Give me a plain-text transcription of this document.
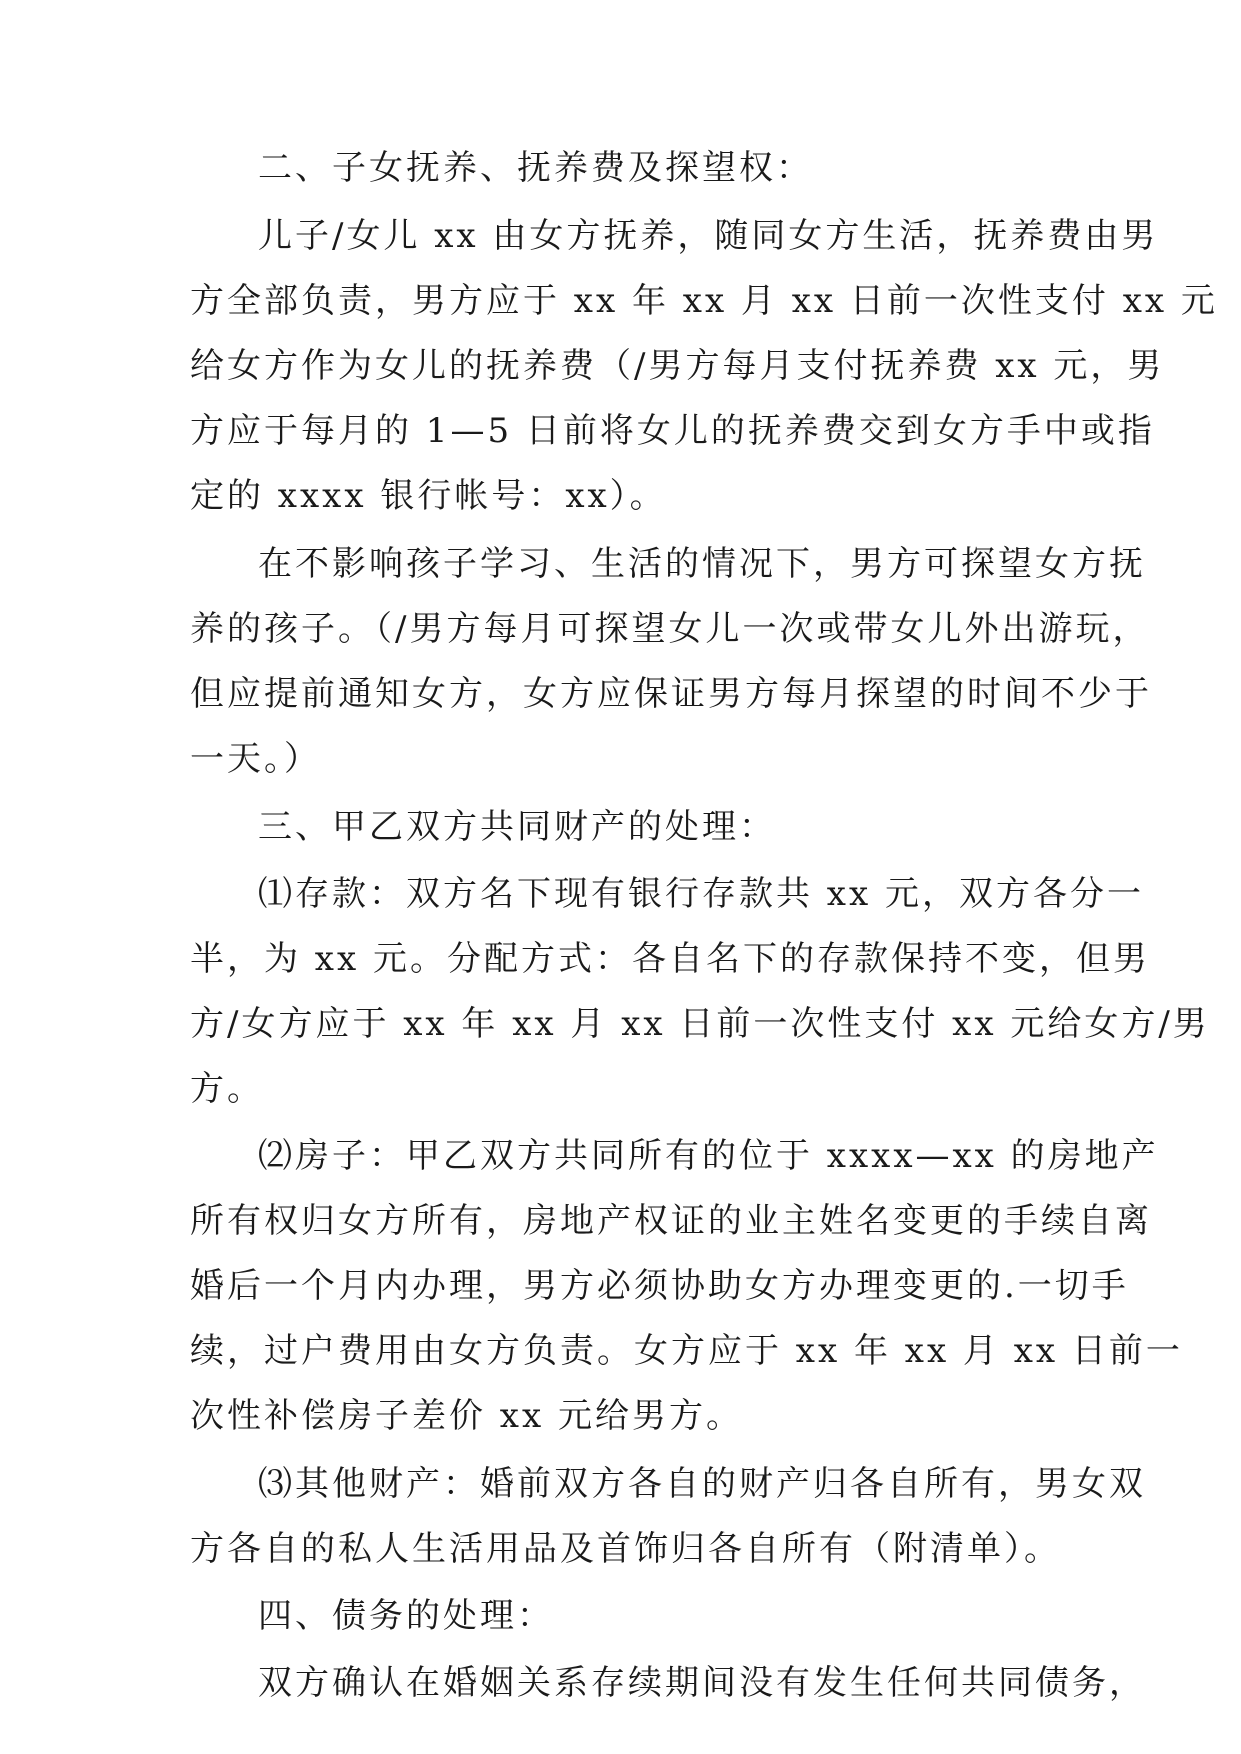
二、子女抚养、抚养费及探望权：
儿子/女儿 xx 由女方抚养，随同女方生活，抚养费由男
方全部负责，男方应于 xx 年 xx 月 xx 日前一次性支付 xx 元
给女方作为女儿的抚养费（/男方每月支付抚养费 xx 元，男
方应于每月的 1—5 日前将女儿的抚养费交到女方手中或指
定的 xxxx 银行帐号：xx）。
在不影响孩子学习、生活的情况下，男方可探望女方抚
养的孩子。（/男方每月可探望女儿一次或带女儿外出游玩，
但应提前通知女方，女方应保证男方每月探望的时间不少于
一天。）
三、甲乙双方共同财产的处理：
⑴存款：双方名下现有银行存款共 xx 元，双方各分一
半，为 xx 元。分配方式：各自名下的存款保持不变，但男
方/女方应于 xx 年 xx 月 xx 日前一次性支付 xx 元给女方/男
方。
⑵房子：甲乙双方共同所有的位于 xxxx—xx 的房地产
所有权归女方所有，房地产权证的业主姓名变更的手续自离
婚后一个月内办理，男方必须协助女方办理变更的.一切手
续，过户费用由女方负责。女方应于 xx 年 xx 月 xx 日前一
次性补偿房子差价 xx 元给男方。
⑶其他财产：婚前双方各自的财产归各自所有，男女双
方各自的私人生活用品及首饰归各自所有（附清单）。
四、债务的处理：
双方确认在婚姻关系存续期间没有发生任何共同债务，
